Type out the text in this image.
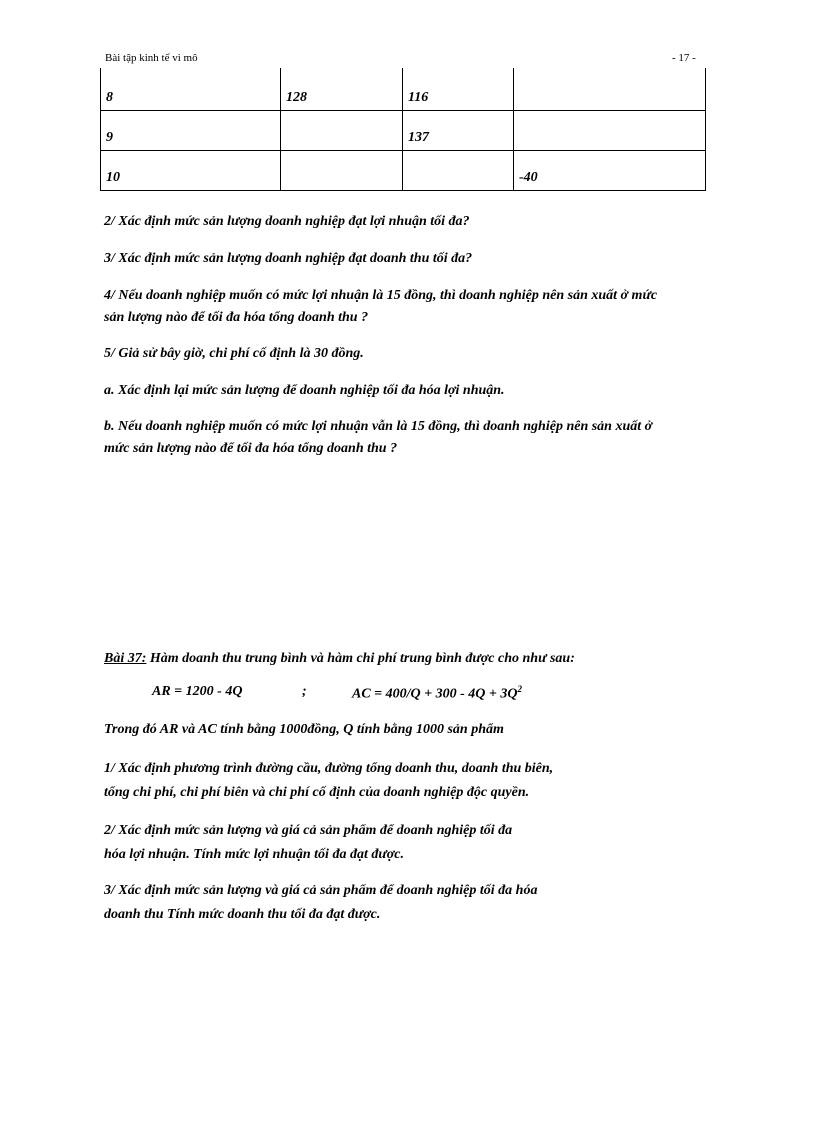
Bài tập kinh tế vi mô	- 17 -
8	128	116	
9		137	
10			-40

2/ Xác định mức sản lượng doanh nghiệp đạt lợi nhuận tối đa?

3/ Xác định mức sản lượng doanh nghiệp đạt doanh thu tối đa?

4/ Nếu doanh nghiệp muốn có mức lợi nhuận là 15 đồng, thì doanh nghiệp nên sản xuất ở mức
sản lượng nào để tối đa hóa tổng doanh thu ?

5/ Giả sử bây giờ, chi phí cố định là 30 đồng.

a. Xác định lại mức sản lượng để doanh nghiệp tối đa hóa lợi nhuận.

b. Nếu doanh nghiệp muốn có mức lợi nhuận vẫn là 15 đồng, thì doanh nghiệp nên sản xuất ở
mức sản lượng nào để tối đa hóa tổng doanh thu ?

Bài 37: Hàm doanh thu trung bình và hàm chi phí trung bình được cho như sau:

AR = 1200 - 4Q	;	AC = $400/Q + 300 - 4Q + 3Q^2$

Trong đó AR và AC tính bằng 1000đồng, Q tính bằng 1000 sản phẩm

1/ Xác định phương trình đường cầu, đường tổng doanh thu, doanh thu biên,
tổng chi phí, chi phí biên và chi phí cố định của doanh nghiệp độc quyền.
2/ Xác định mức sản lượng và giá cả sản phẩm để doanh nghiệp tối đa
hóa lợi nhuận. Tính mức lợi nhuận tối đa đạt được.
3/ Xác định mức sản lượng và giá cả sản phẩm để doanh nghiệp tối đa hóa
doanh thu Tính mức doanh thu tối đa đạt được.
